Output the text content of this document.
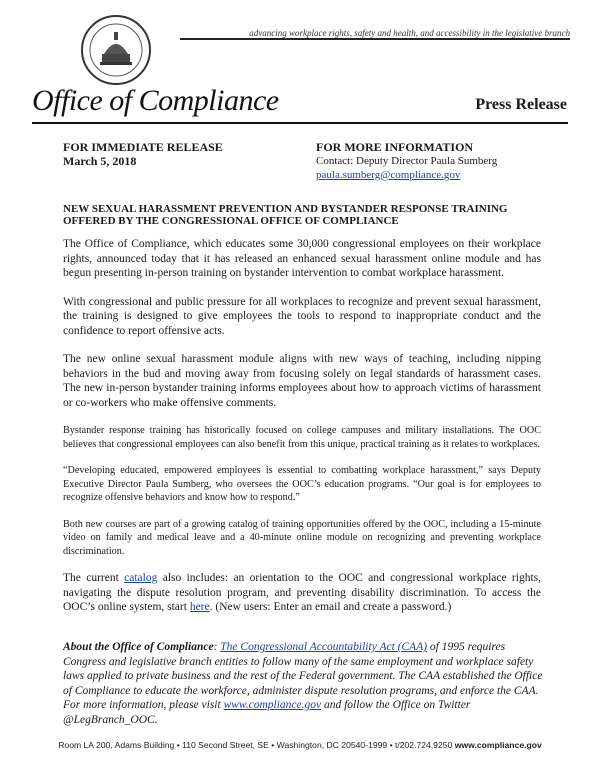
advancing workplace rights, safety and health, and accessibility in the legislative branch
Office of Compliance	Press Release
FOR IMMEDIATE RELEASE
March 5, 2018
FOR MORE INFORMATION
Contact: Deputy Director Paula Sumberg
paula.sumberg@compliance.gov
NEW SEXUAL HARASSMENT PREVENTION AND BYSTANDER RESPONSE TRAINING OFFERED BY THE CONGRESSIONAL OFFICE OF COMPLIANCE

The Office of Compliance, which educates some 30,000 congressional employees on their workplace rights, announced today that it has released an enhanced sexual harassment online module and has begun presenting in-person training on bystander intervention to combat workplace harassment.

With congressional and public pressure for all workplaces to recognize and prevent sexual harassment, the training is designed to give employees the tools to respond to inappropriate conduct and the confidence to report offensive acts.

The new online sexual harassment module aligns with new ways of teaching, including nipping behaviors in the bud and moving away from focusing solely on legal standards of harassment cases. The new in-person bystander training informs employees about how to approach victims of harassment or co-workers who make offensive comments.

Bystander response training has historically focused on college campuses and military installations. The OOC believes that congressional employees can also benefit from this unique, practical training as it relates to workplaces.

“Developing educated, empowered employees is essential to combatting workplace harassment,” says Deputy Executive Director Paula Sumberg, who oversees the OOC’s education programs. “Our goal is for employees to recognize offensive behaviors and know how to respond.”

Both new courses are part of a growing catalog of training opportunities offered by the OOC, including a 15-minute video on family and medical leave and a 40-minute online module on recognizing and preventing workplace discrimination.

The current catalog also includes: an orientation to the OOC and congressional workplace rights, navigating the dispute resolution program, and preventing disability discrimination. To access the OOC’s online system, start here. (New users: Enter an email and create a password.)

About the Office of Compliance: The Congressional Accountability Act (CAA) of 1995 requires Congress and legislative branch entities to follow many of the same employment and workplace safety laws applied to private business and the rest of the Federal government. The CAA established the Office of Compliance to educate the workforce, administer dispute resolution programs, and enforce the CAA. For more information, please visit www.compliance.gov and follow the Office on Twitter @LegBranch_OOC.
Room LA 200, Adams Building • 110 Second Street, SE • Washington, DC 20540-1999 • t/202.724.9250 www.compliance.gov
